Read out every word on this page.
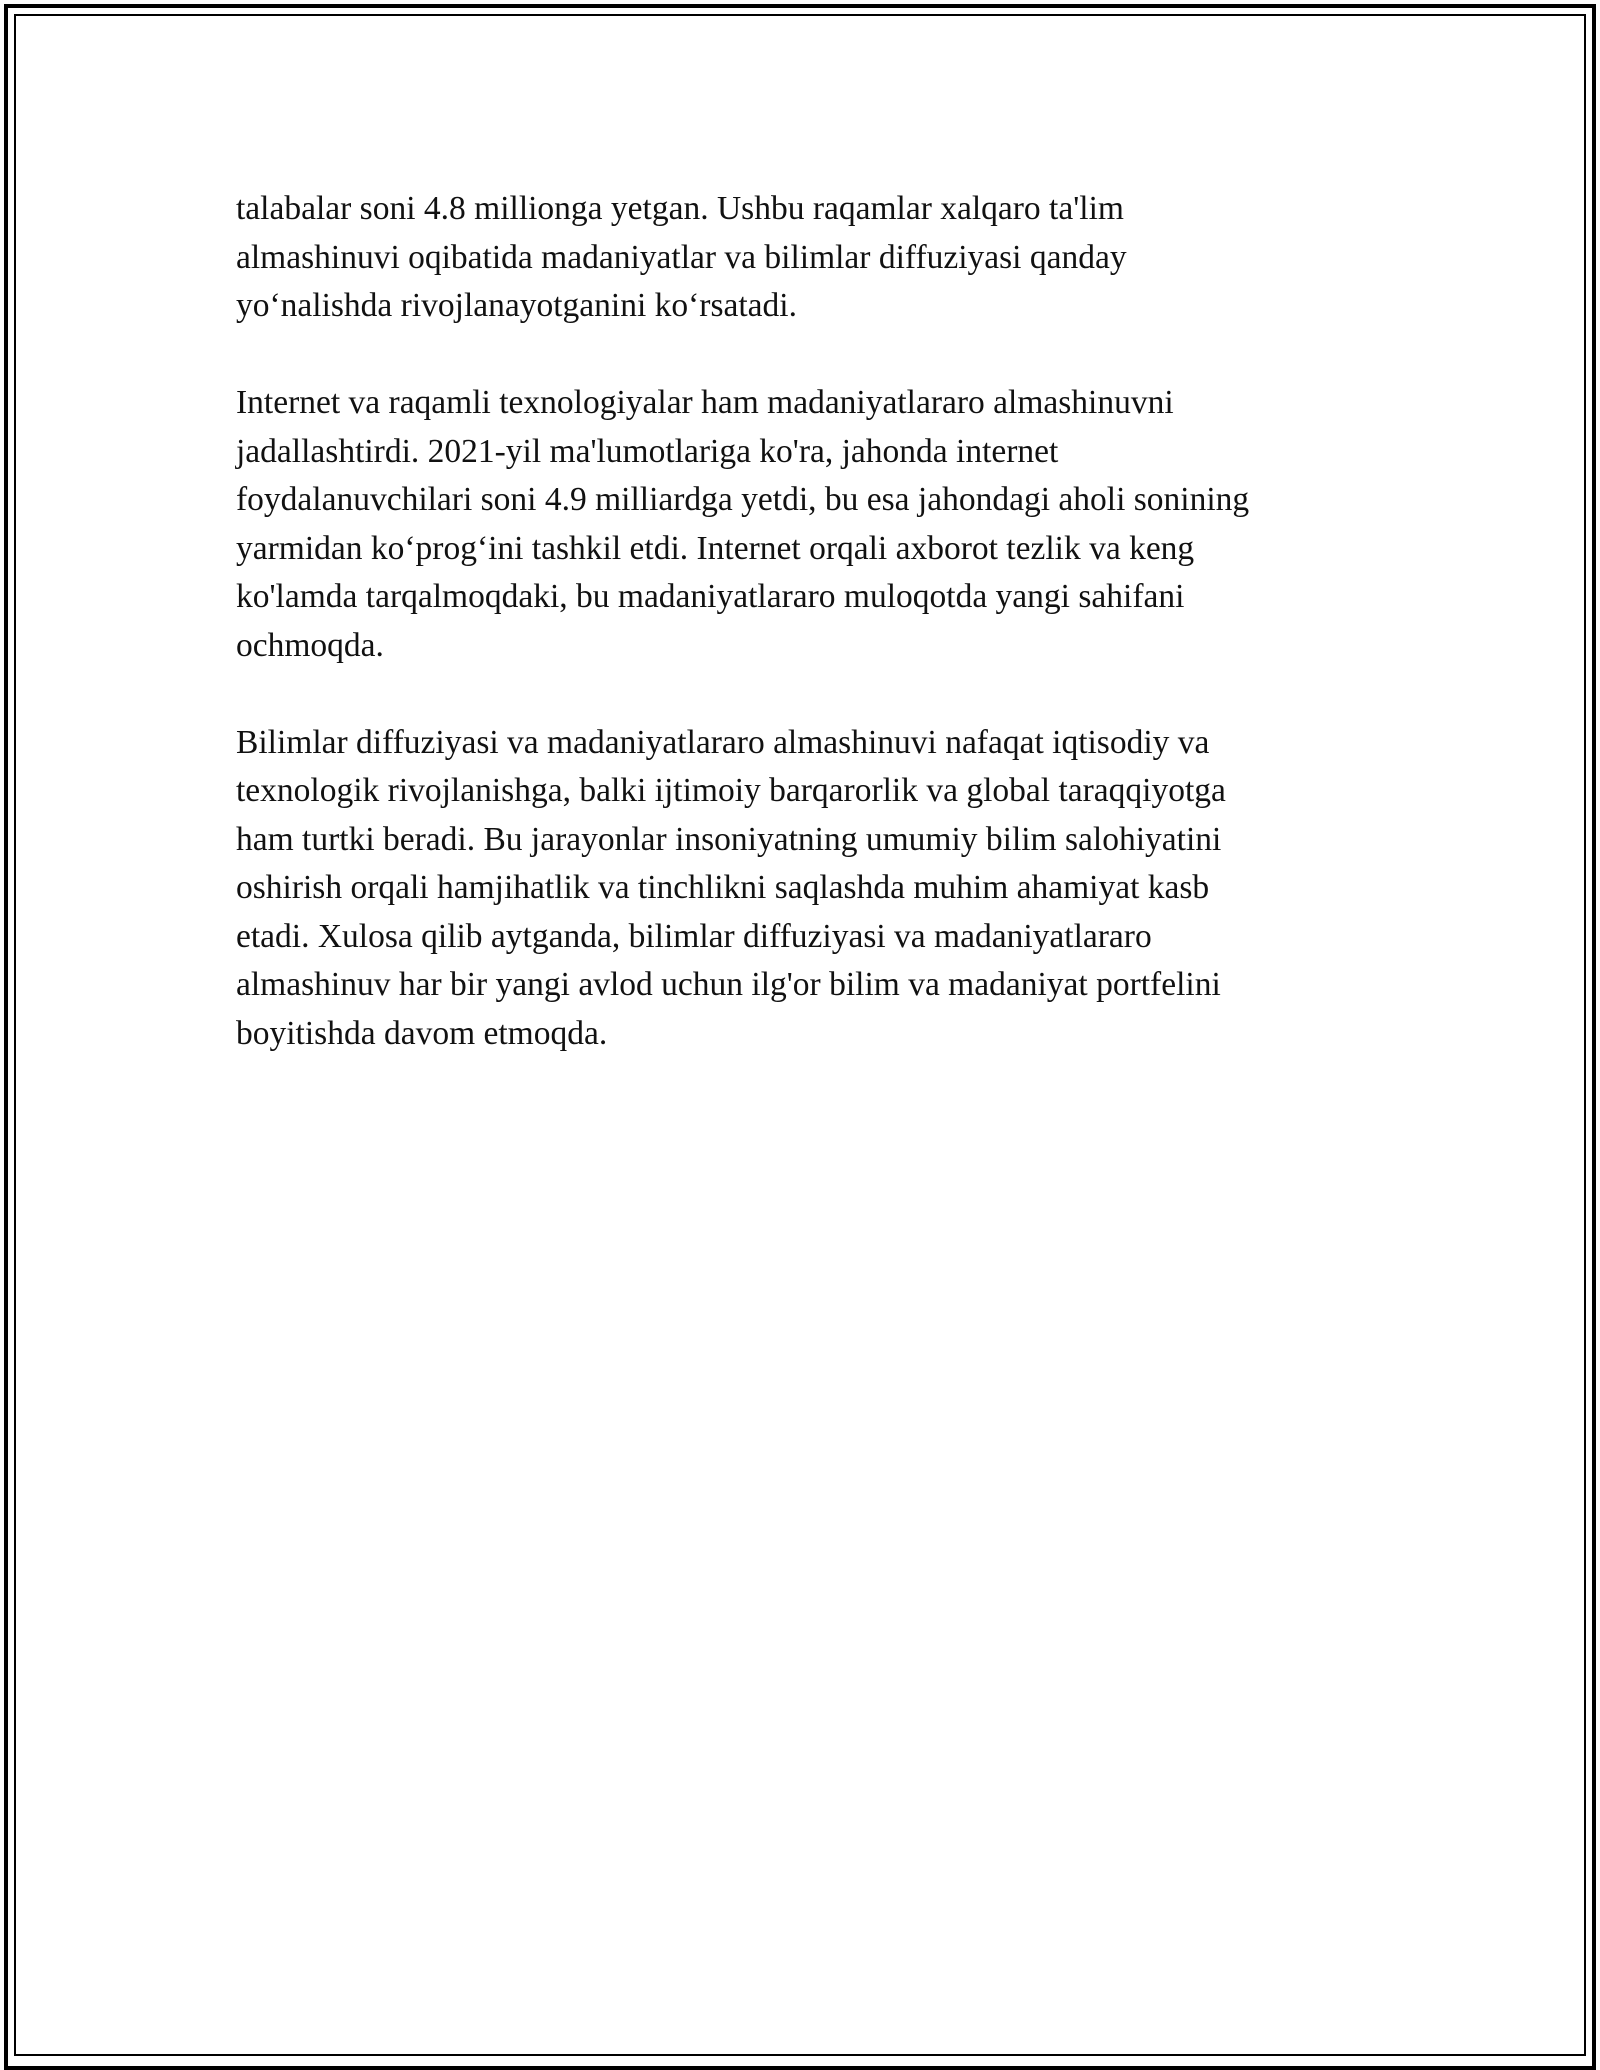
talabalar soni 4.8 millionga yetgan. Ushbu raqamlar xalqaro ta'lim
almashinuvi oqibatida madaniyatlar va bilimlar diffuziyasi qanday
yo‘nalishda rivojlanayotganini ko‘rsatadi.

Internet va raqamli texnologiyalar ham madaniyatlararo almashinuvni
jadallashtirdi. 2021-yil ma'lumotlariga ko'ra, jahonda internet
foydalanuvchilari soni 4.9 milliardga yetdi, bu esa jahondagi aholi sonining
yarmidan ko‘prog‘ini tashkil etdi. Internet orqali axborot tezlik va keng
ko'lamda tarqalmoqdaki, bu madaniyatlararo muloqotda yangi sahifani
ochmoqda.

Bilimlar diffuziyasi va madaniyatlararo almashinuvi nafaqat iqtisodiy va
texnologik rivojlanishga, balki ijtimoiy barqarorlik va global taraqqiyotga
ham turtki beradi. Bu jarayonlar insoniyatning umumiy bilim salohiyatini
oshirish orqali hamjihatlik va tinchlikni saqlashda muhim ahamiyat kasb
etadi. Xulosa qilib aytganda, bilimlar diffuziyasi va madaniyatlararo
almashinuv har bir yangi avlod uchun ilg'or bilim va madaniyat portfelini
boyitishda davom etmoqda.
